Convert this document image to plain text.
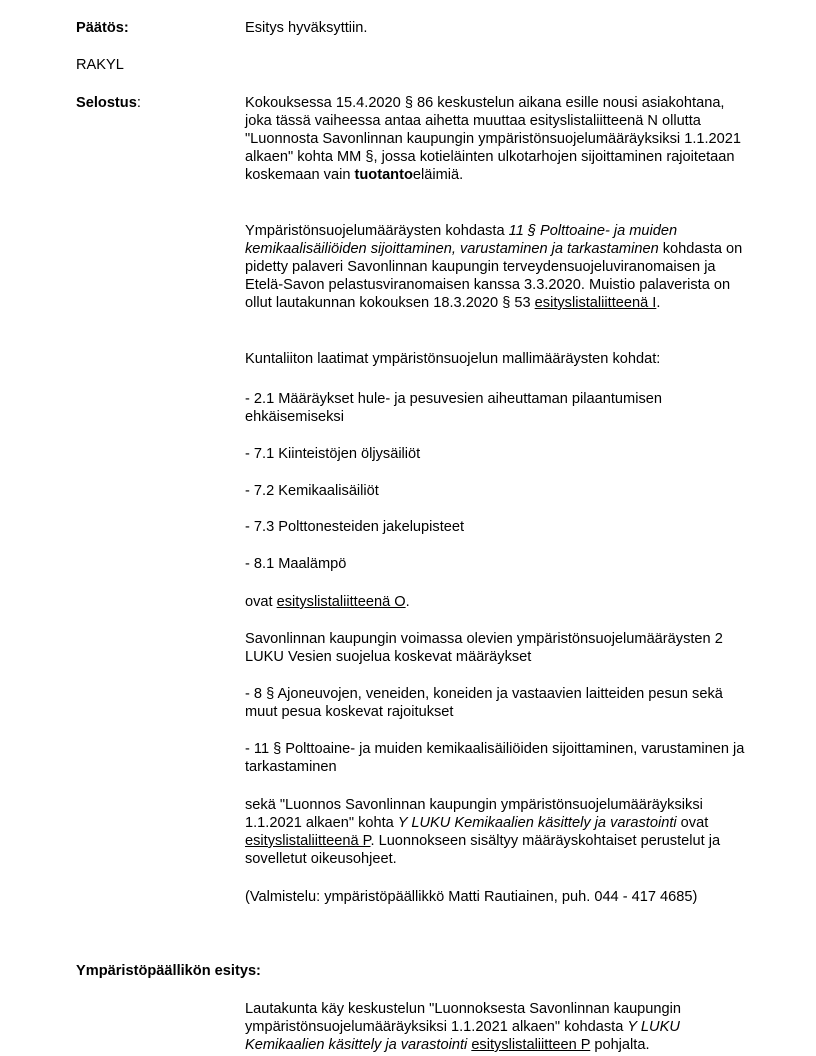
Päätös:	Esitys hyväksyttiin.
RAKYL
Selostus:	Kokouksessa 15.4.2020 § 86 keskustelun aikana esille nousi asiakohtana, joka tässä vaiheessa antaa aihetta muuttaa esityslistaliitteenä N ollutta "Luonnosta Savonlinnan kaupungin ympäristönsuojelumääräyksiksi 1.1.2021 alkaen" kohta MM §, jossa kotieläinten ulkotarhojen sijoittaminen rajoitetaan koskemaan vain tuotantoeläimiä.
Ympäristönsuojelumääräysten kohdasta 11 § Polttoaine- ja muiden kemikaalisäiliöiden sijoittaminen, varustaminen ja tarkastaminen kohdasta on pidetty palaveri Savonlinnan kaupungin terveydensuojeluviranomaisen ja Etelä-Savon pelastusviranomaisen kanssa 3.3.2020. Muistio palaverista on ollut lautakunnan kokouksen 18.3.2020 § 53 esityslistaliitteenä I.
Kuntaliiton laatimat ympäristönsuojelun mallimääräysten kohdat:
- 2.1 Määräykset hule- ja pesuvesien aiheuttaman pilaantumisen ehkäisemiseksi
- 7.1 Kiinteistöjen öljysäiliöt
- 7.2 Kemikaalisäiliöt
- 7.3 Polttonesteiden jakelupisteet
- 8.1 Maalämpö
ovat esityslistaliitteenä O.
Savonlinnan kaupungin voimassa olevien ympäristönsuojelumääräysten 2 LUKU Vesien suojelua koskevat määräykset
- 8 § Ajoneuvojen, veneiden, koneiden ja vastaavien laitteiden pesun sekä muut pesua koskevat rajoitukset
- 11 § Polttoaine- ja muiden kemikaalisäiliöiden sijoittaminen, varustaminen ja tarkastaminen
sekä "Luonnos Savonlinnan kaupungin ympäristönsuojelumääräyksiksi 1.1.2021 alkaen" kohta Y LUKU Kemikaalien käsittely ja varastointi ovat esityslistaliitteenä P. Luonnokseen sisältyy määräyskohtaiset perustelut ja sovelletut oikeusohjeet.
(Valmistelu: ympäristöpäällikkö Matti Rautiainen, puh. 044 - 417 4685)
Ympäristöpäällikön esitys:
Lautakunta käy keskustelun "Luonnoksesta Savonlinnan kaupungin ympäristönsuojelumääräyksiksi 1.1.2021 alkaen" kohdasta Y LUKU Kemikaalien käsittely ja varastointi esityslistaliitteen P pohjalta.
